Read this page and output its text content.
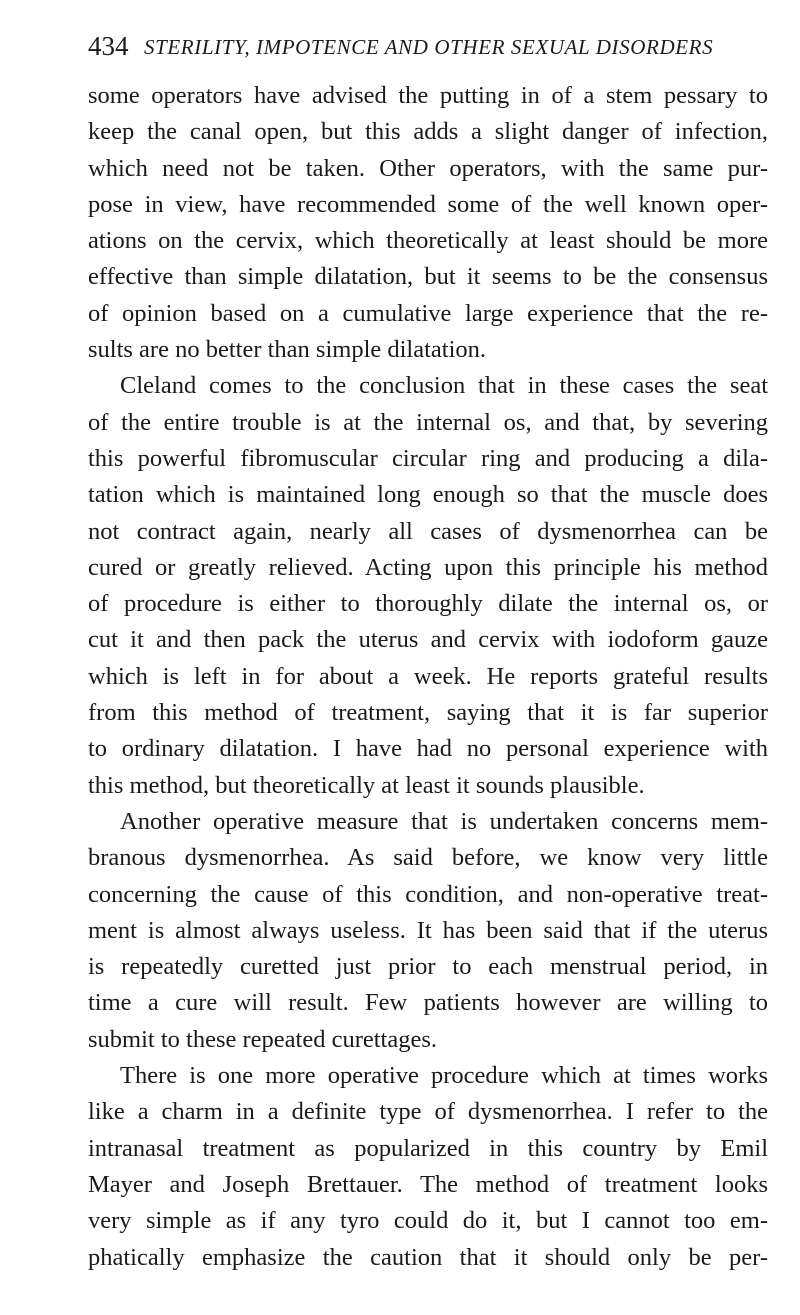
434 STERILITY, IMPOTENCE AND OTHER SEXUAL DISORDERS
some operators have advised the putting in of a stem pessary to
keep the canal open, but this adds a slight danger of infection,
which need not be taken. Other operators, with the same pur-
pose in view, have recommended some of the well known oper-
ations on the cervix, which theoretically at least should be more
effective than simple dilatation, but it seems to be the consensus
of opinion based on a cumulative large experience that the re-
sults are no better than simple dilatation.
Cleland comes to the conclusion that in these cases the seat
of the entire trouble is at the internal os, and that, by severing
this powerful fibromuscular circular ring and producing a dila-
tation which is maintained long enough so that the muscle does
not contract again, nearly all cases of dysmenorrhea can be
cured or greatly relieved. Acting upon this principle his method
of procedure is either to thoroughly dilate the internal os, or
cut it and then pack the uterus and cervix with iodoform gauze
which is left in for about a week. He reports grateful results
from this method of treatment, saying that it is far superior
to ordinary dilatation. I have had no personal experience with
this method, but theoretically at least it sounds plausible.
Another operative measure that is undertaken concerns mem-
branous dysmenorrhea. As said before, we know very little
concerning the cause of this condition, and non-operative treat-
ment is almost always useless. It has been said that if the uterus
is repeatedly curetted just prior to each menstrual period, in
time a cure will result. Few patients however are willing to
submit to these repeated curettages.
There is one more operative procedure which at times works
like a charm in a definite type of dysmenorrhea. I refer to the
intranasal treatment as popularized in this country by Emil
Mayer and Joseph Brettauer. The method of treatment looks
very simple as if any tyro could do it, but I cannot too em-
phatically emphasize the caution that it should only be per-
